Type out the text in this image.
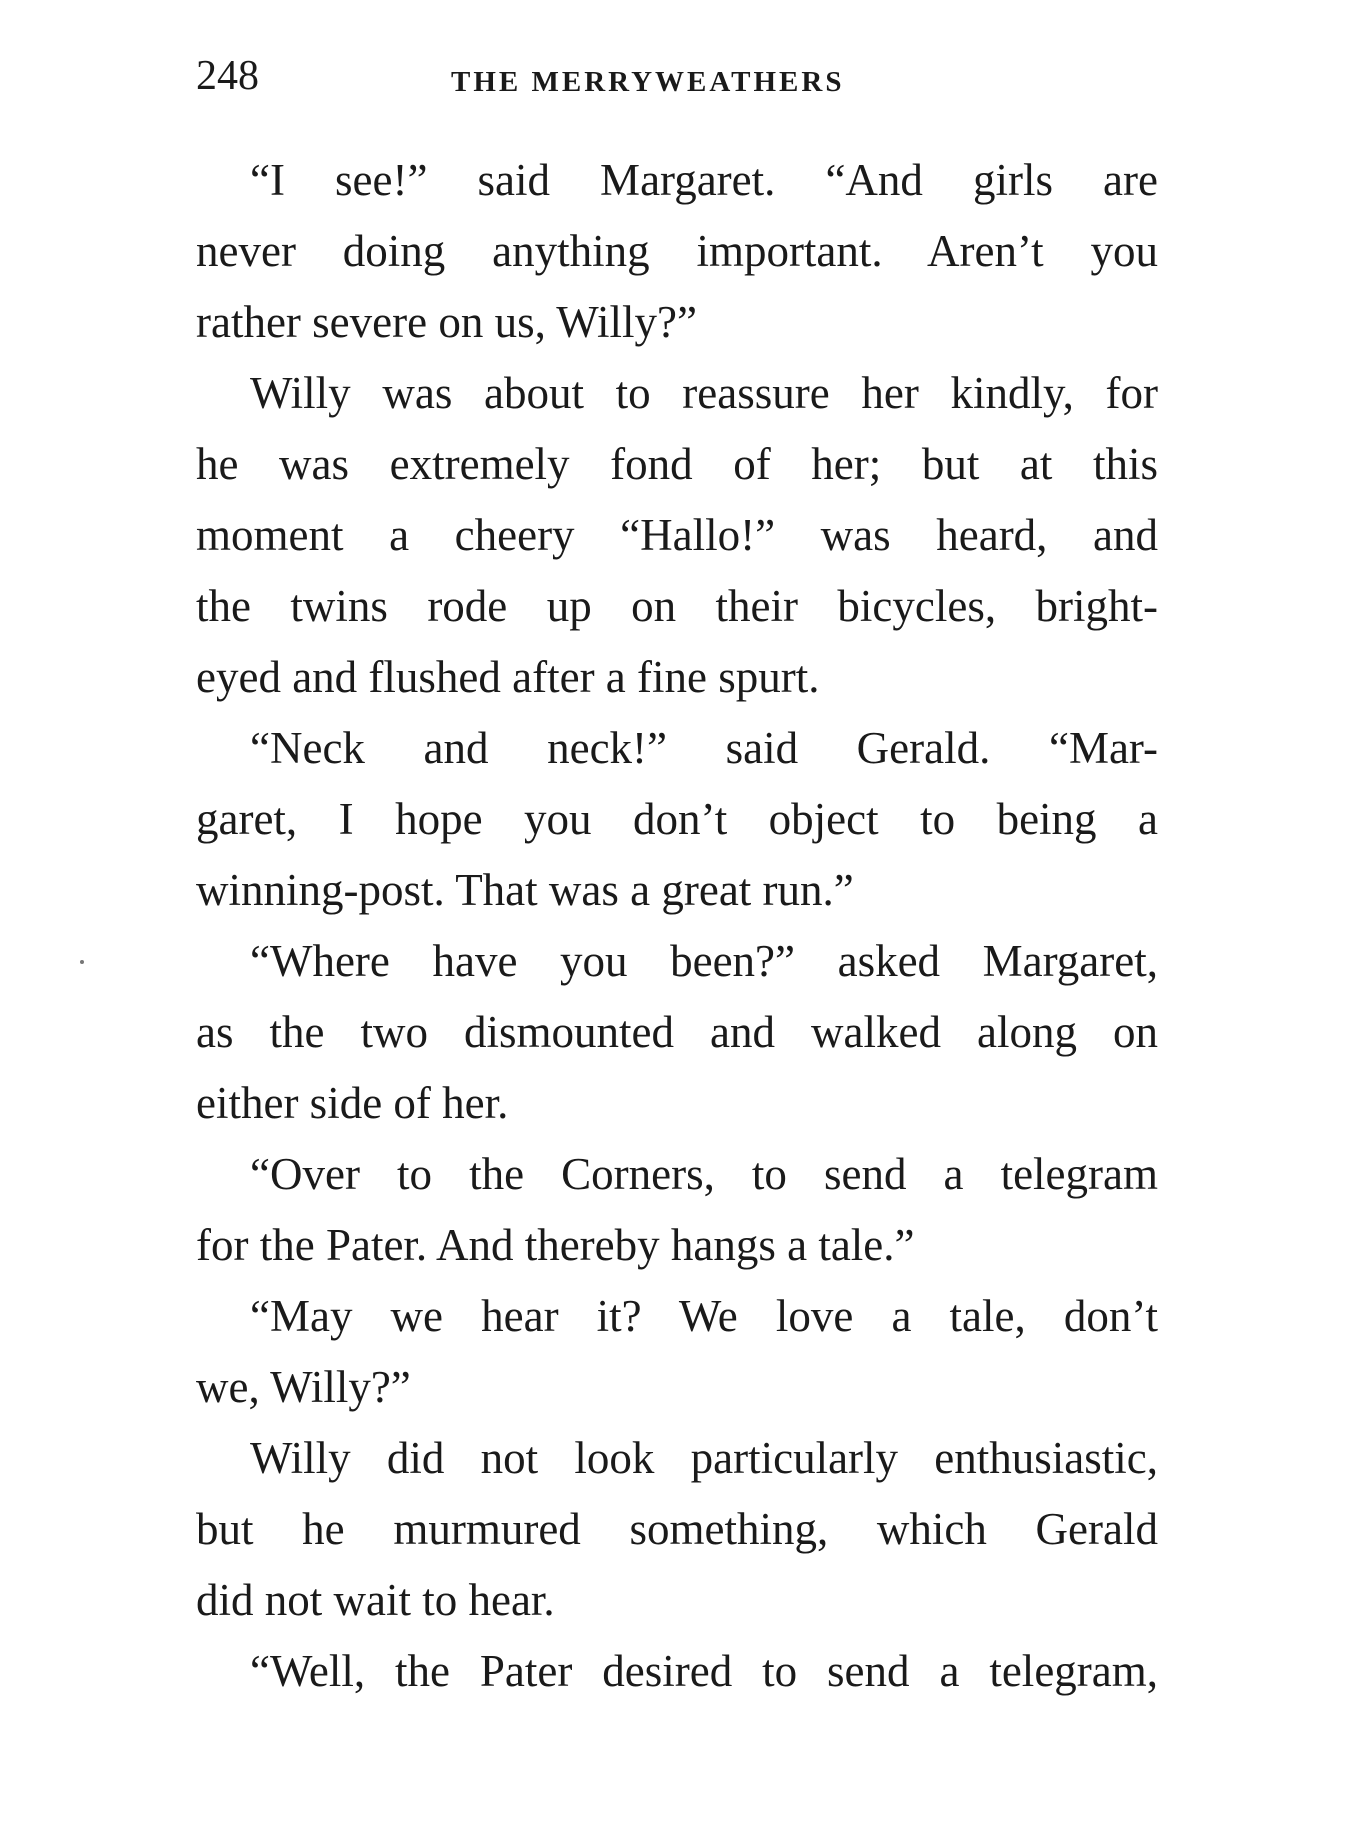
248	THE MERRYWEATHERS
“I see!” said Margaret. “And girls are
never doing anything important. Aren’t you
rather severe on us, Willy?”
Willy was about to reassure her kindly, for
he was extremely fond of her; but at this
moment a cheery “Hallo!” was heard, and
the twins rode up on their bicycles, bright-
eyed and flushed after a fine spurt.
“Neck and neck!” said Gerald. “Mar-
garet, I hope you don’t object to being a
winning-post. That was a great run.”
“Where have you been?” asked Margaret,
as the two dismounted and walked along on
either side of her.
“Over to the Corners, to send a telegram
for the Pater. And thereby hangs a tale.”
“May we hear it? We love a tale, don’t
we, Willy?”
Willy did not look particularly enthusiastic,
but he murmured something, which Gerald
did not wait to hear.
“Well, the Pater desired to send a telegram,
